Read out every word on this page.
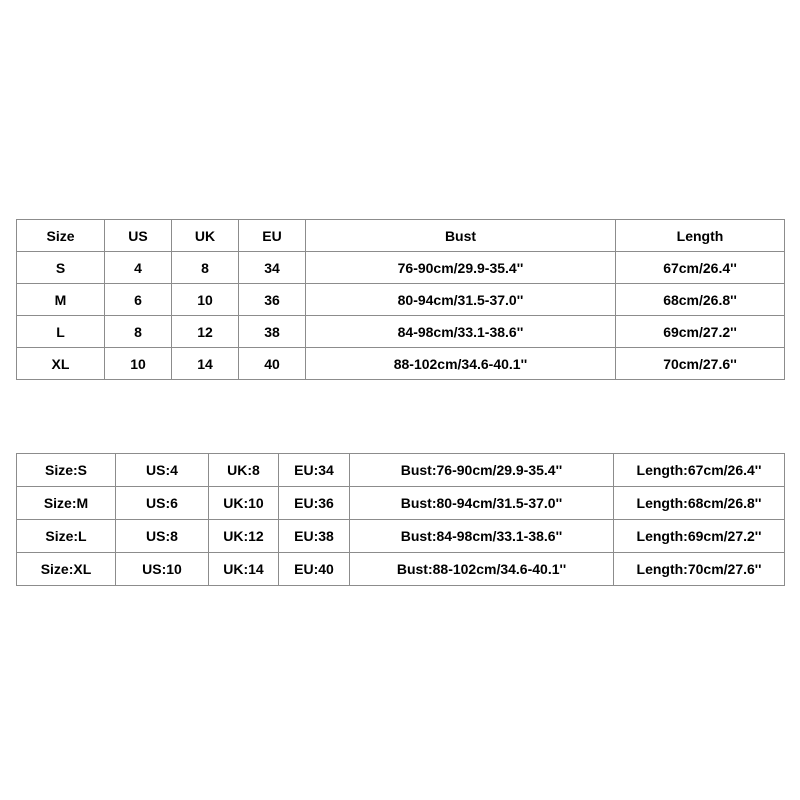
Size	US	UK	EU	Bust	Length
S	4	8	34	76-90cm/29.9-35.4''	67cm/26.4''
M	6	10	36	80-94cm/31.5-37.0''	68cm/26.8''
L	8	12	38	84-98cm/33.1-38.6''	69cm/27.2''
XL	10	14	40	88-102cm/34.6-40.1''	70cm/27.6''
Size:S	US:4	UK:8	EU:34	Bust:76-90cm/29.9-35.4''	Length:67cm/26.4''
Size:M	US:6	UK:10	EU:36	Bust:80-94cm/31.5-37.0''	Length:68cm/26.8''
Size:L	US:8	UK:12	EU:38	Bust:84-98cm/33.1-38.6''	Length:69cm/27.2''
Size:XL	US:10	UK:14	EU:40	Bust:88-102cm/34.6-40.1''	Length:70cm/27.6''
